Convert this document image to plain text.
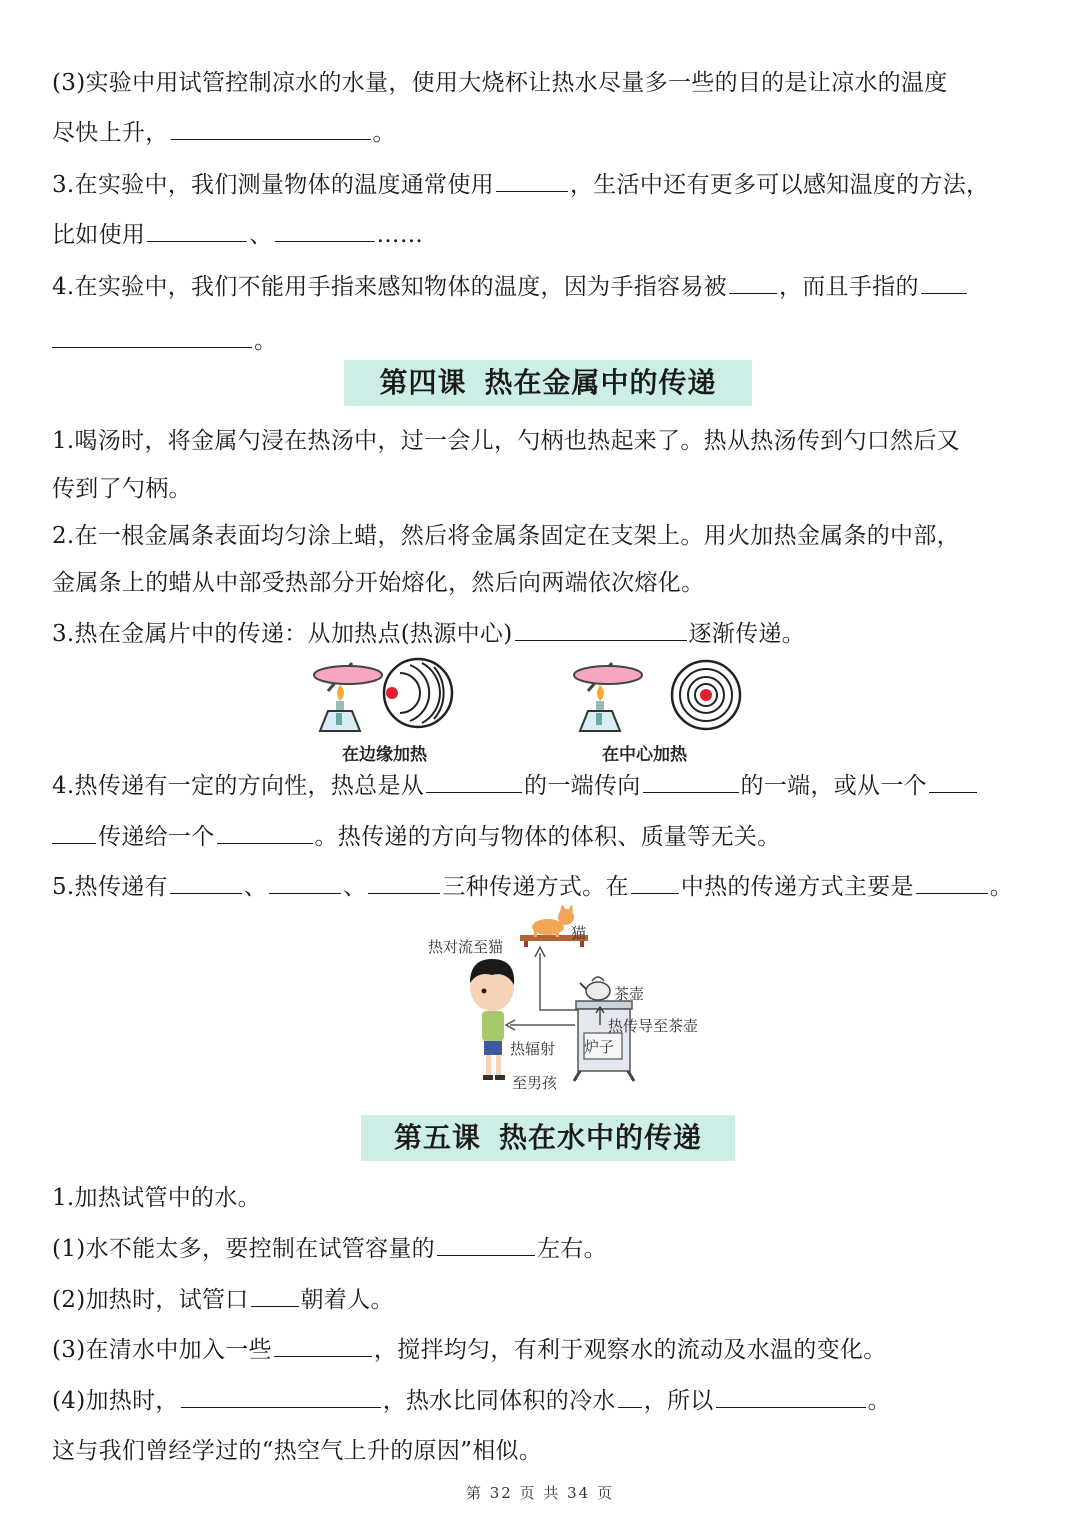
(3)实验中用试管控制凉水的水量，使用大烧杯让热水尽量多一些的目的是让凉水的温度
尽快上升，	。
3.在实验中，我们测量物体的温度通常使用	，生活中还有更多可以感知温度的方法，
比如使用	、	……
4.在实验中，我们不能用手指来感知物体的温度，因为手指容易被 ，而且手指的
。
第四课 热在金属中的传递
1.喝汤时，将金属勺浸在热汤中，过一会儿，勺柄也热起来了。热从热汤传到勺口然后又
传到了勺柄。
2.在一根金属条表面均匀涂上蜡，然后将金属条固定在支架上。用火加热金属条的中部，
金属条上的蜡从中部受热部分开始熔化，然后向两端依次熔化。
3.热在金属片中的传递：从加热点(热源中心)	逐渐传递。
在边缘加热	在中心加热
4.热传递有一定的方向性，热总是从	的一端传向	的一端，或从一个
传递给一个	。热传递的方向与物体的体积、质量等无关。
5.热传递有	、	、	三种传递方式。在 中热的传递方式主要是	。
热对流至猫
猫
茶壶
热传导至茶壶
炉子
热辐射
至男孩
第五课 热在水中的传递
1.加热试管中的水。
(1)水不能太多，要控制在试管容量的	左右。
(2)加热时，试管口 朝着人。
(3)在清水中加入一些	，搅拌均匀，有利于观察水的流动及水温的变化。
(4)加热时，	，热水比同体积的冷水 ，所以	。
这与我们曾经学过的“热空气上升的原因”相似。
第 32 页 共 34 页
